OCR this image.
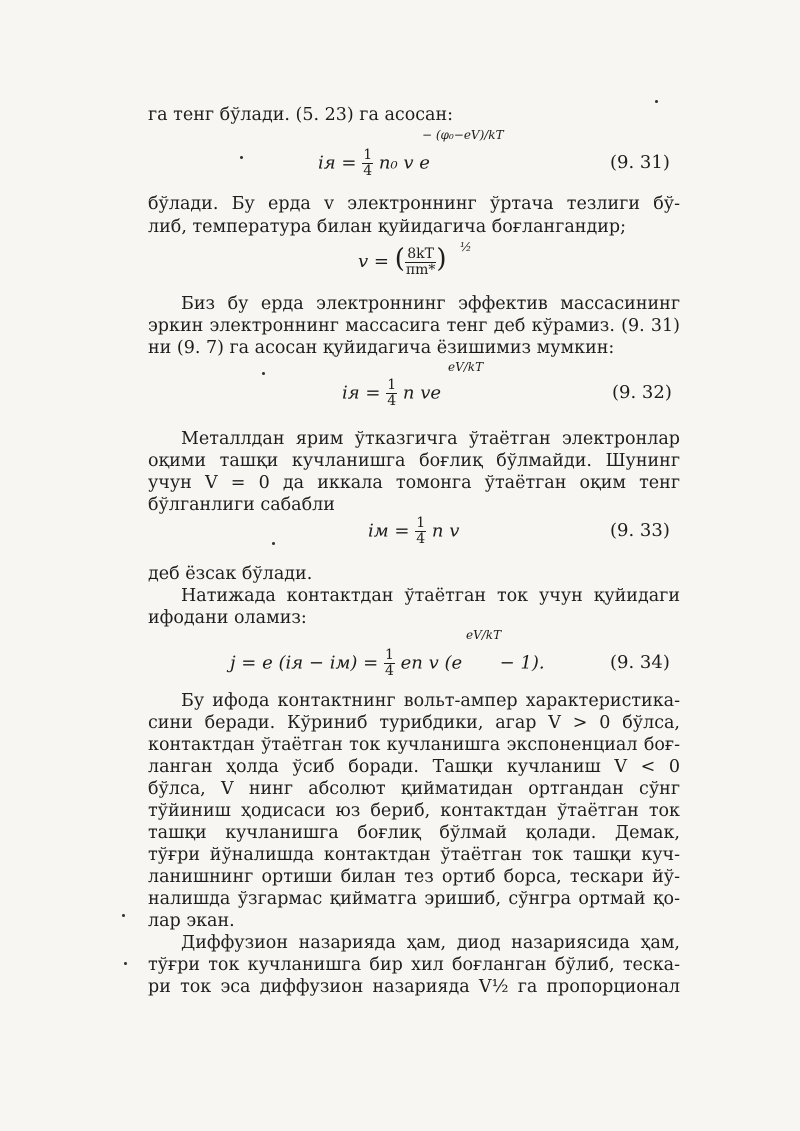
га тенг бўлади. (5. 23) га асосан:
iя = $\frac{1}{4} n_0$ v e
− (φ₀−eV)/kT
(9. 31)
бўлади. Бу ерда v электроннинг ўртача тезлиги бў-
либ, температура билан қуйидагича боғлангандир;
v = ( $\frac{8kT}{\pi m*}$ ) ½
Биз бу ерда электроннинг эффектив массасининг
эркин электроннинг массасига тенг деб кўрамиз. (9. 31)
ни (9. 7) га асосан қуйидагича ёзишимиз мумкин:
iя = $\frac{1}{4}$ n ve
eV/kT
(9. 32)
Металлдан ярим ўтказгичга ўтаётган электронлар
оқими ташқи кучланишга боғлиқ бўлмайди. Шунинг
учун V = 0 да иккала томонга ўтаётган оқим тенг
бўлганлиги сабабли
iм = $\frac{1}{4}$ n v	(9. 33)
деб ёзсак бўлади.
Натижада контактдан ўтаётган ток учун қуйидаги
ифодани оламиз:
j = e $(iя - iм) = \frac{1}{4}$ en v (e − 1).
eV/kT
(9. 34)
Бу ифода контактнинг вольт-ампер характеристика-
сини беради. Кўриниб турибдики, агар V > 0 бўлса,
контактдан ўтаётган ток кучланишга экспоненциал боғ-
ланган ҳолда ўсиб боради. Ташқи кучланиш V < 0
бўлса, V нинг абсолют қийматидан ортгандан сўнг
тўйиниш ҳодисаси юз бериб, контактдан ўтаётган ток
ташқи кучланишга боғлиқ бўлмай қолади. Демак,
тўғри йўналишда контактдан ўтаётган ток ташқи куч-
ланишнинг ортиши билан тез ортиб борса, тескари йў-
налишда ўзгармас қийматга эришиб, сўнгра ортмай қо-
лар экан.
Диффузион назарияда ҳам, диод назариясида ҳам,
тўғри ток кучланишга бир хил боғланган бўлиб, теска-
ри ток эса диффузион назарияда V½ га пропорционал
